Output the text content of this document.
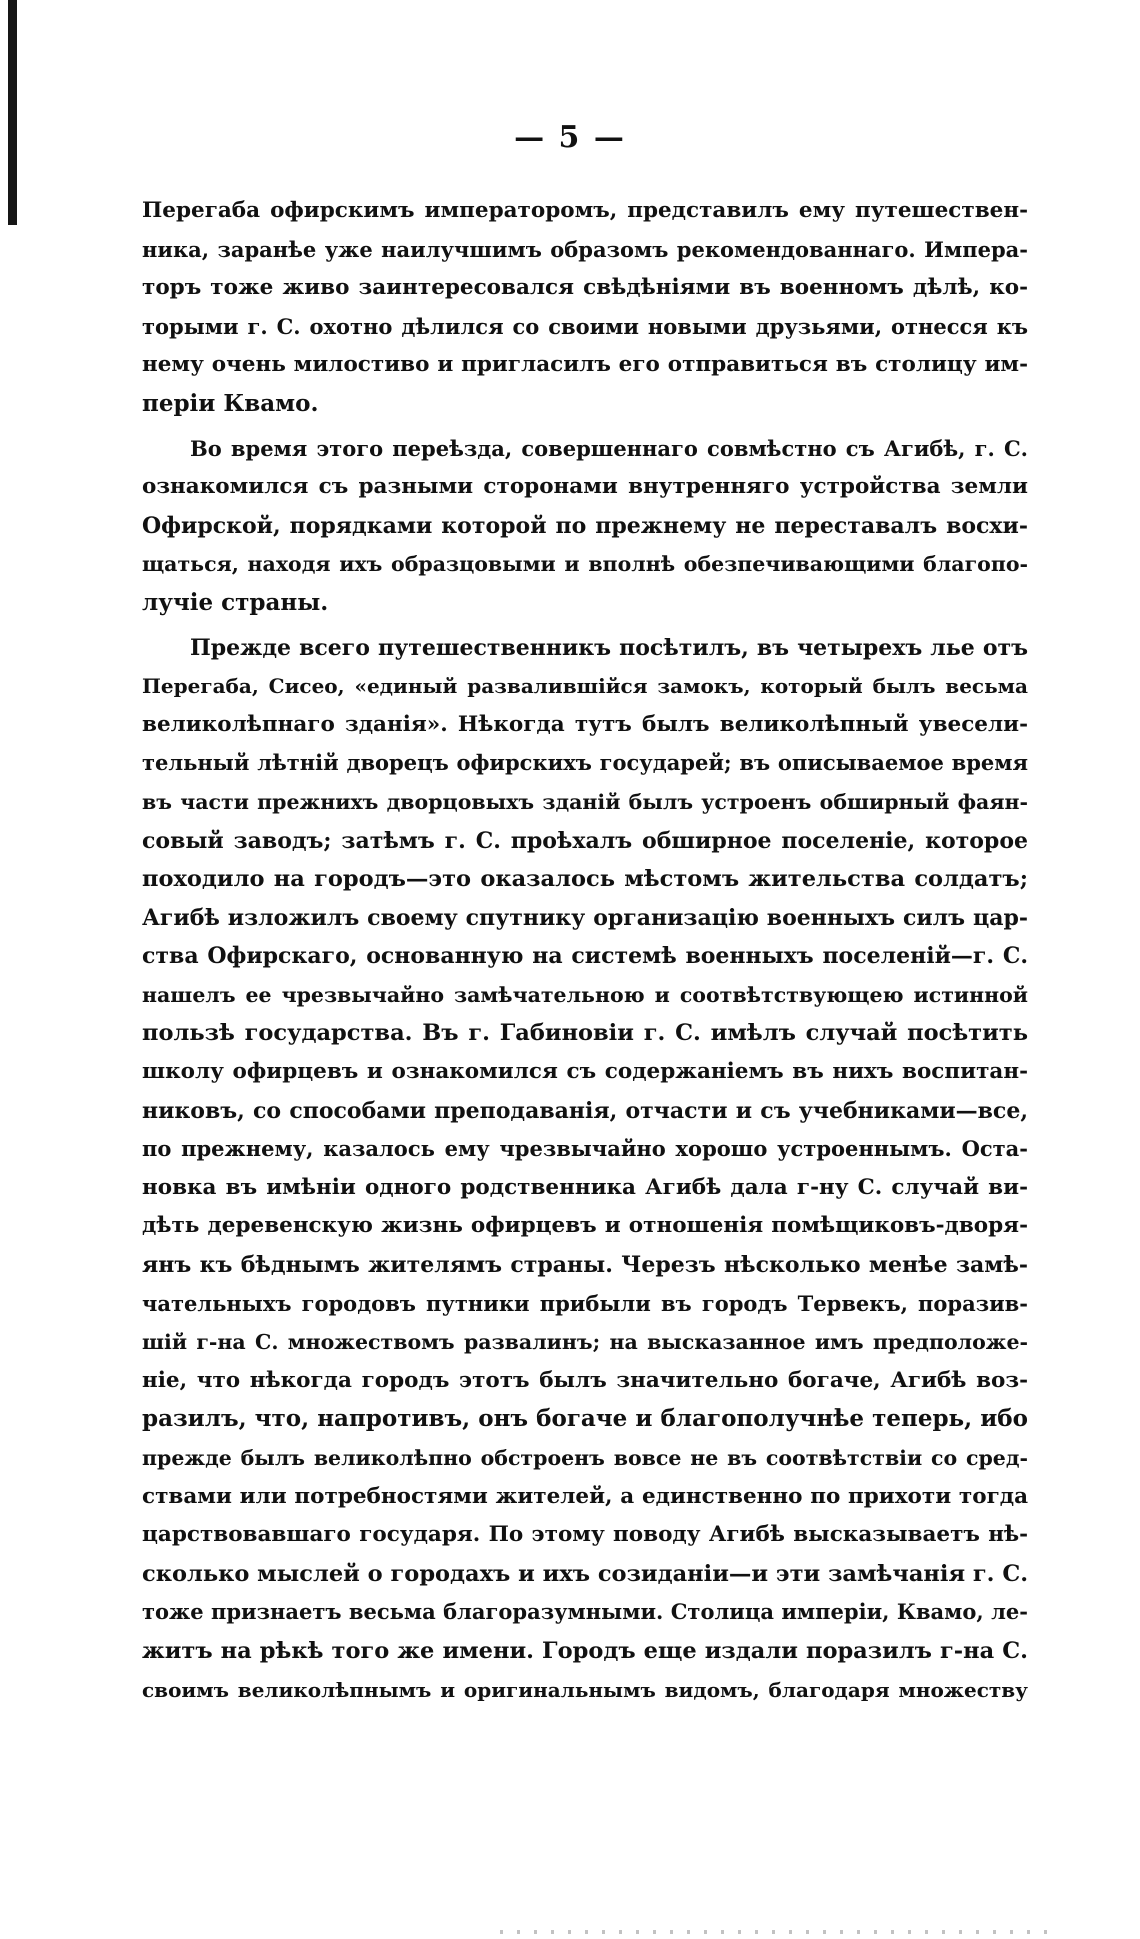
— 5 —
Перегаба офирскимъ императоромъ, представилъ ему путешествен-
ника, заранѣе уже наилучшимъ образомъ рекомендованнаго. Импера-
торъ тоже живо заинтересовался свѣдѣніями въ военномъ дѣлѣ, ко-
торыми г. С. охотно дѣлился со своими новыми друзьями, отнесся къ
нему очень милостиво и пригласилъ его отправиться въ столицу им-
періи Квамо.
Во время этого переѣзда, совершеннаго совмѣстно съ Агибѣ, г. С.
ознакомился съ разными сторонами внутренняго устройства земли
Офирской, порядками которой по прежнему не переставалъ восхи-
щаться, находя ихъ образцовыми и вполнѣ обезпечивающими благопо-
лучіе страны.
Прежде всего путешественникъ посѣтилъ, въ четырехъ лье отъ
Перегаба, Сисео, «единый развалившійся замокъ, который былъ весьма
великолѣпнаго зданія». Нѣкогда тутъ былъ великолѣпный увесели-
тельный лѣтній дворецъ офирскихъ государей; въ описываемое время
въ части прежнихъ дворцовыхъ зданій былъ устроенъ обширный фаян-
совый заводъ; затѣмъ г. С. проѣхалъ обширное поселеніе, которое
походило на городъ—это оказалось мѣстомъ жительства солдатъ;
Агибѣ изложилъ своему спутнику организацію военныхъ силъ цар-
ства Офирскаго, основанную на системѣ военныхъ поселеній—г. С.
нашелъ ее чрезвычайно замѣчательною и соотвѣтствующею истинной
пользѣ государства. Въ г. Габиновіи г. С. имѣлъ случай посѣтить
школу офирцевъ и ознакомился съ содержаніемъ въ нихъ воспитан-
никовъ, со способами преподаванія, отчасти и съ учебниками—все,
по прежнему, казалось ему чрезвычайно хорошо устроеннымъ. Оста-
новка въ имѣніи одного родственника Агибѣ дала г-ну С. случай ви-
дѣть деревенскую жизнь офирцевъ и отношенія помѣщиковъ-дворя-
янъ къ бѣднымъ жителямъ страны. Черезъ нѣсколько менѣе замѣ-
чательныхъ городовъ путники прибыли въ городъ Тервекъ, поразив-
шій г-на С. множествомъ развалинъ; на высказанное имъ предположе-
ніе, что нѣкогда городъ этотъ былъ значительно богаче, Агибѣ воз-
разилъ, что, напротивъ, онъ богаче и благополучнѣе теперь, ибо
прежде былъ великолѣпно обстроенъ вовсе не въ соотвѣтствіи со сред-
ствами или потребностями жителей, а единственно по прихоти тогда
царствовавшаго государя. По этому поводу Агибѣ высказываетъ нѣ-
сколько мыслей о городахъ и ихъ созиданіи—и эти замѣчанія г. С.
тоже признаетъ весьма благоразумными. Столица имперіи, Квамо, ле-
житъ на рѣкѣ того же имени. Городъ еще издали поразилъ г-на С.
своимъ великолѣпнымъ и оригинальнымъ видомъ, благодаря множеству
